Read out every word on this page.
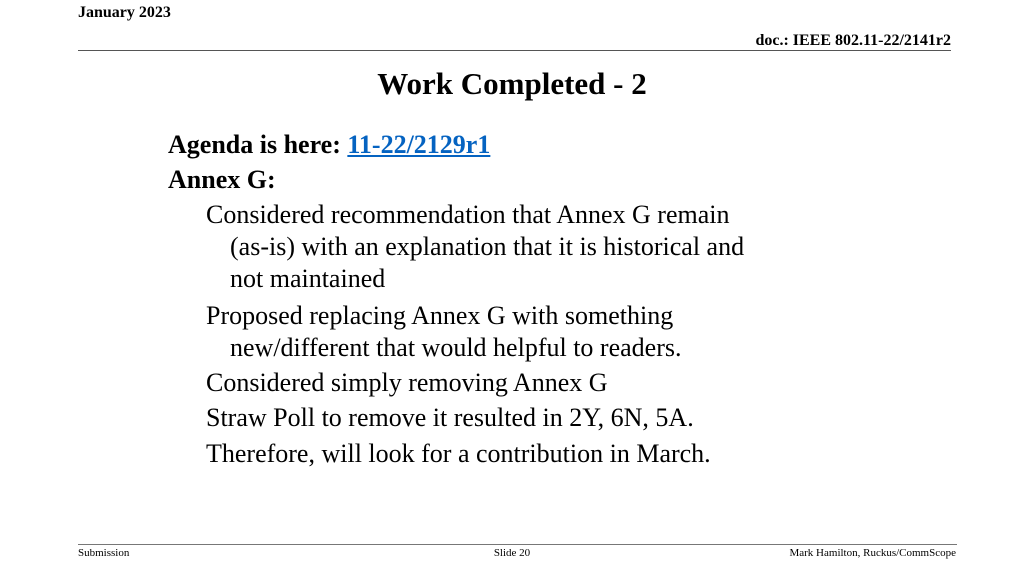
January 2023
doc.: IEEE 802.11-22/2141r2
Work Completed - 2
Agenda is here: 11-22/2129r1
Annex G:
Considered recommendation that Annex G remain
(as-is) with an explanation that it is historical and
not maintained
Proposed replacing Annex G with something
new/different that would helpful to readers.
Considered simply removing Annex G
Straw Poll to remove it resulted in 2Y, 6N, 5A.
Therefore, will look for a contribution in March.
Submission	Slide 20	Mark Hamilton, Ruckus/CommScope
